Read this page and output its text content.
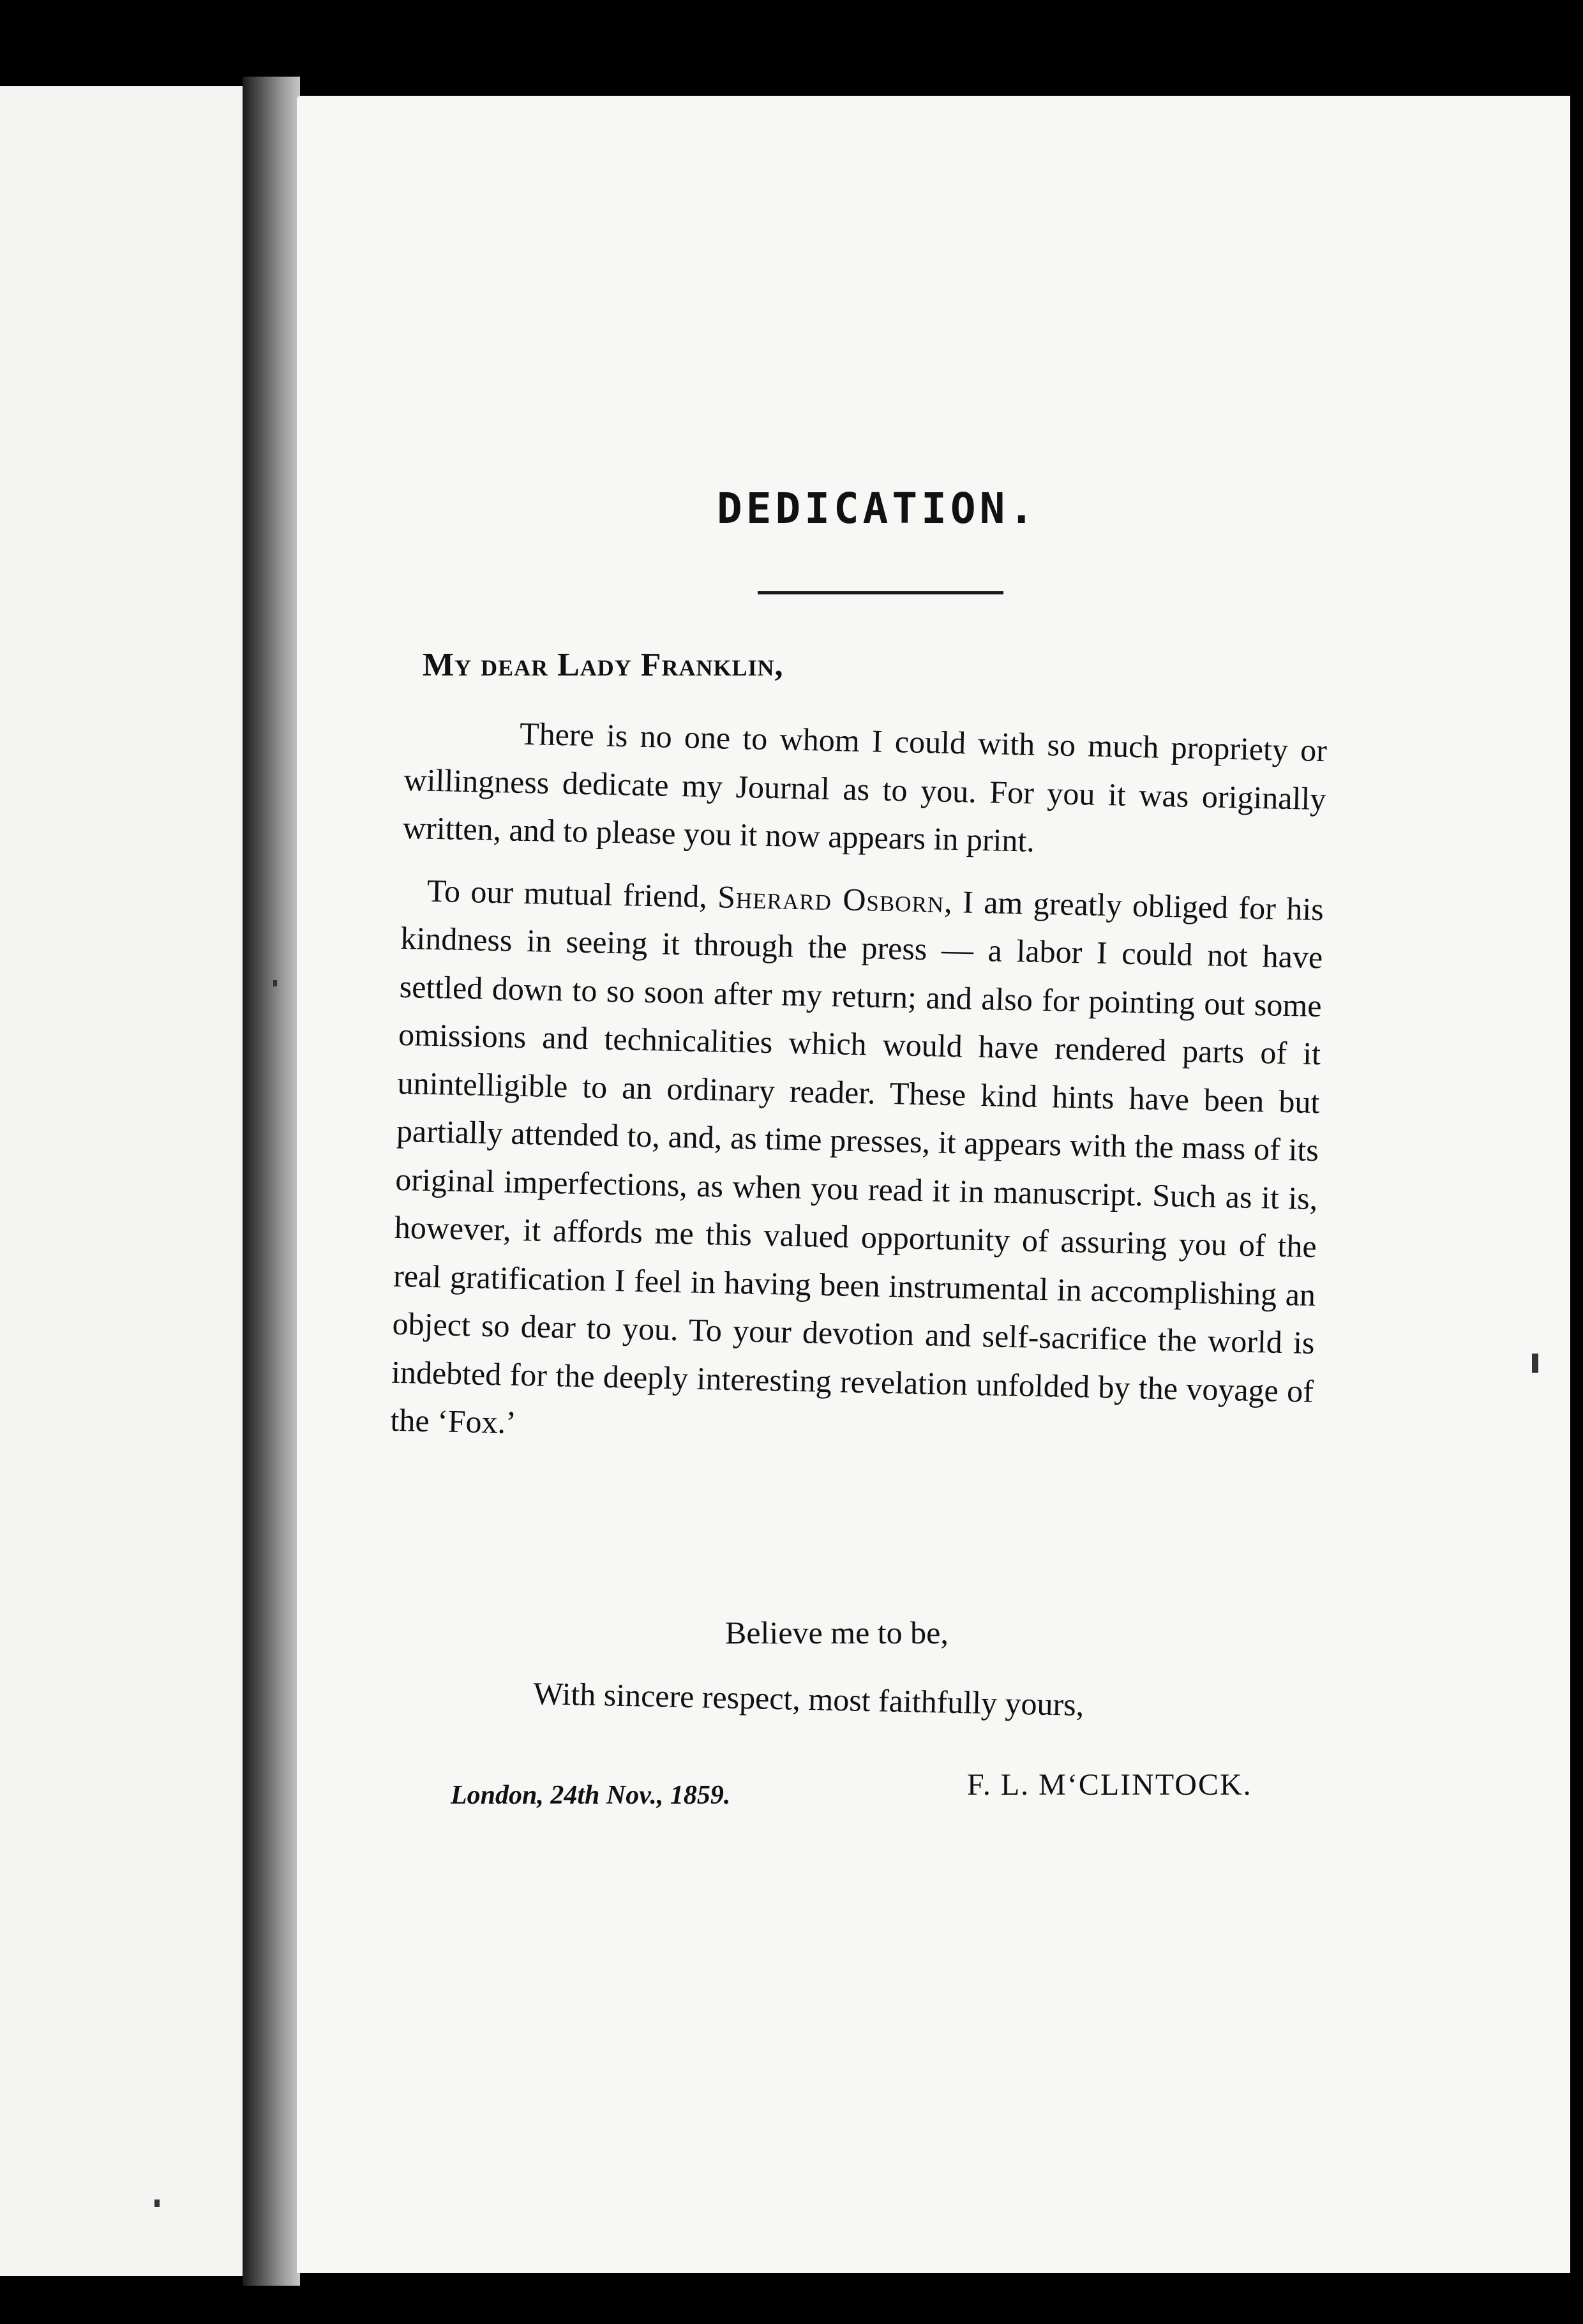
DEDICATION.
My dear Lady Franklin,

There is no one to whom I could with so much propriety or willingness dedicate my Journal as to you. For you it was originally written, and to please you it now appears in print.

To our mutual friend, Sherard Osborn, I am greatly obliged for his kindness in seeing it through the press — a labor I could not have settled down to so soon after my return; and also for pointing out some omissions and technicalities which would have rendered parts of it unintelligible to an ordinary reader. These kind hints have been but partially attended to, and, as time presses, it appears with the mass of its original imperfections, as when you read it in manuscript. Such as it is, however, it affords me this valued opportunity of assuring you of the real gratification I feel in having been instrumental in accomplishing an object so dear to you. To your devotion and self-sacrifice the world is indebted for the deeply interesting revelation unfolded by the voyage of the ‘Fox.’

Believe me to be,
With sincere respect, most faithfully yours,
London, 24th Nov., 1859.	F. L. M‘CLINTOCK.
